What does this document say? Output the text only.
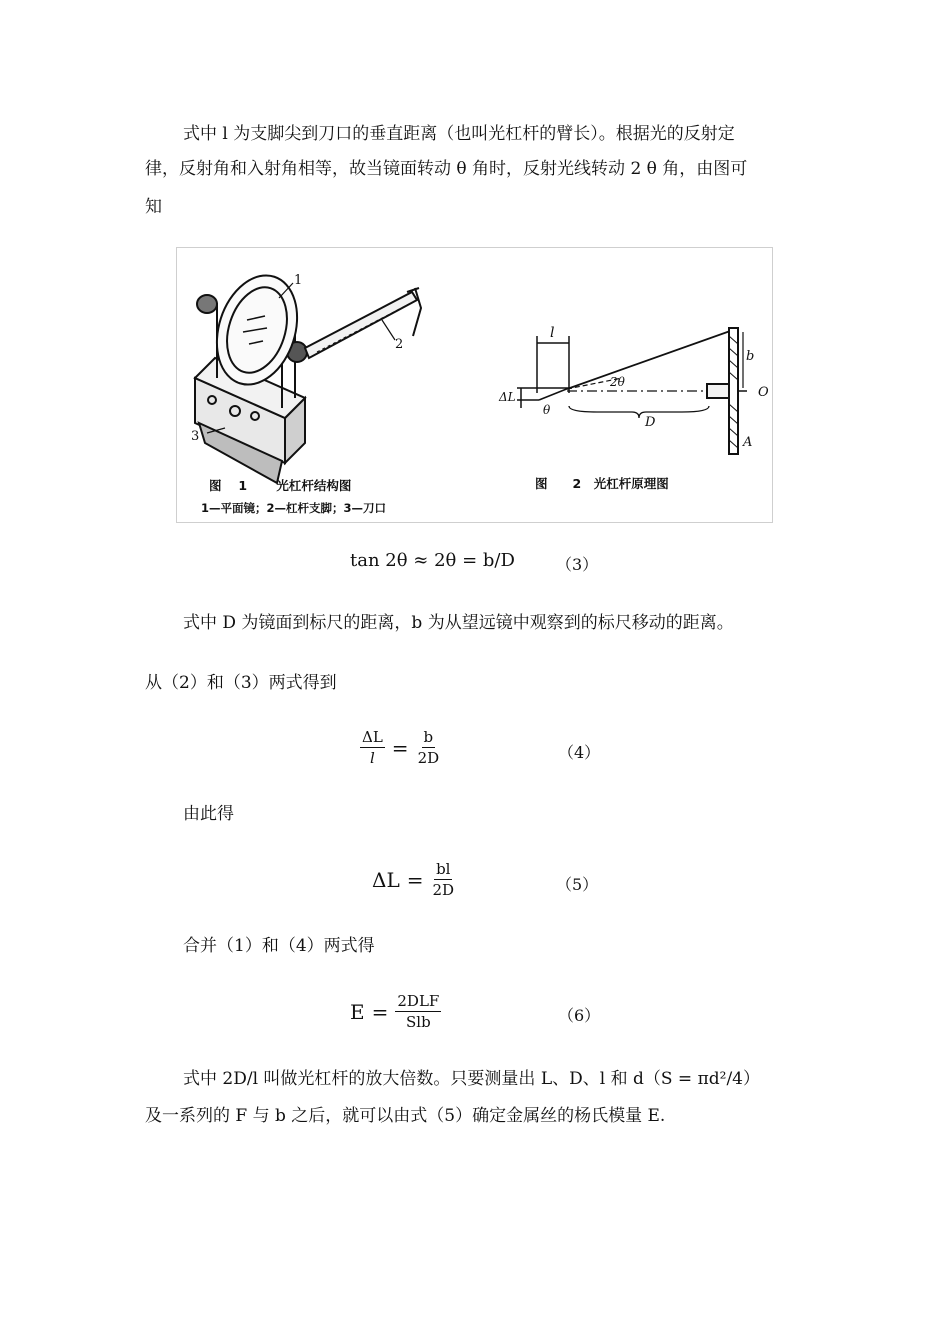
式中 l 为支脚尖到刀口的垂直距离（也叫光杠杆的臂长）。根据光的反射定
律，反射角和入射角相等，故当镜面转动 θ 角时，反射光线转动 2 θ 角，由图可
知
1
2
3
l
b
ΔL
θ
2θ
D
O
A
图　 1　　 光杠杆结构图
1—平面镜；2—杠杆支脚；3—刀口
图　　2　光杠杆原理图
tan 2θ ≈ 2θ = b/D	（3）
式中 D 为镜面到标尺的距离，b 为从望远镜中观察到的标尺移动的距离。
从（2）和（3）两式得到
$\frac{\Delta L}{l} = \frac{b}{2D}$	（4）
由此得
$\Delta L = \frac{bl}{2D}$	（5）
合并（1）和（4）两式得
$E = \frac{\text{2DLF}}{\text{Slb}}$	（6）
式中 2D/l 叫做光杠杆的放大倍数。只要测量出 L、D、l 和 d（S = πd²/4）
及一系列的 F 与 b 之后，就可以由式（5）确定金属丝的杨氏模量 E.
